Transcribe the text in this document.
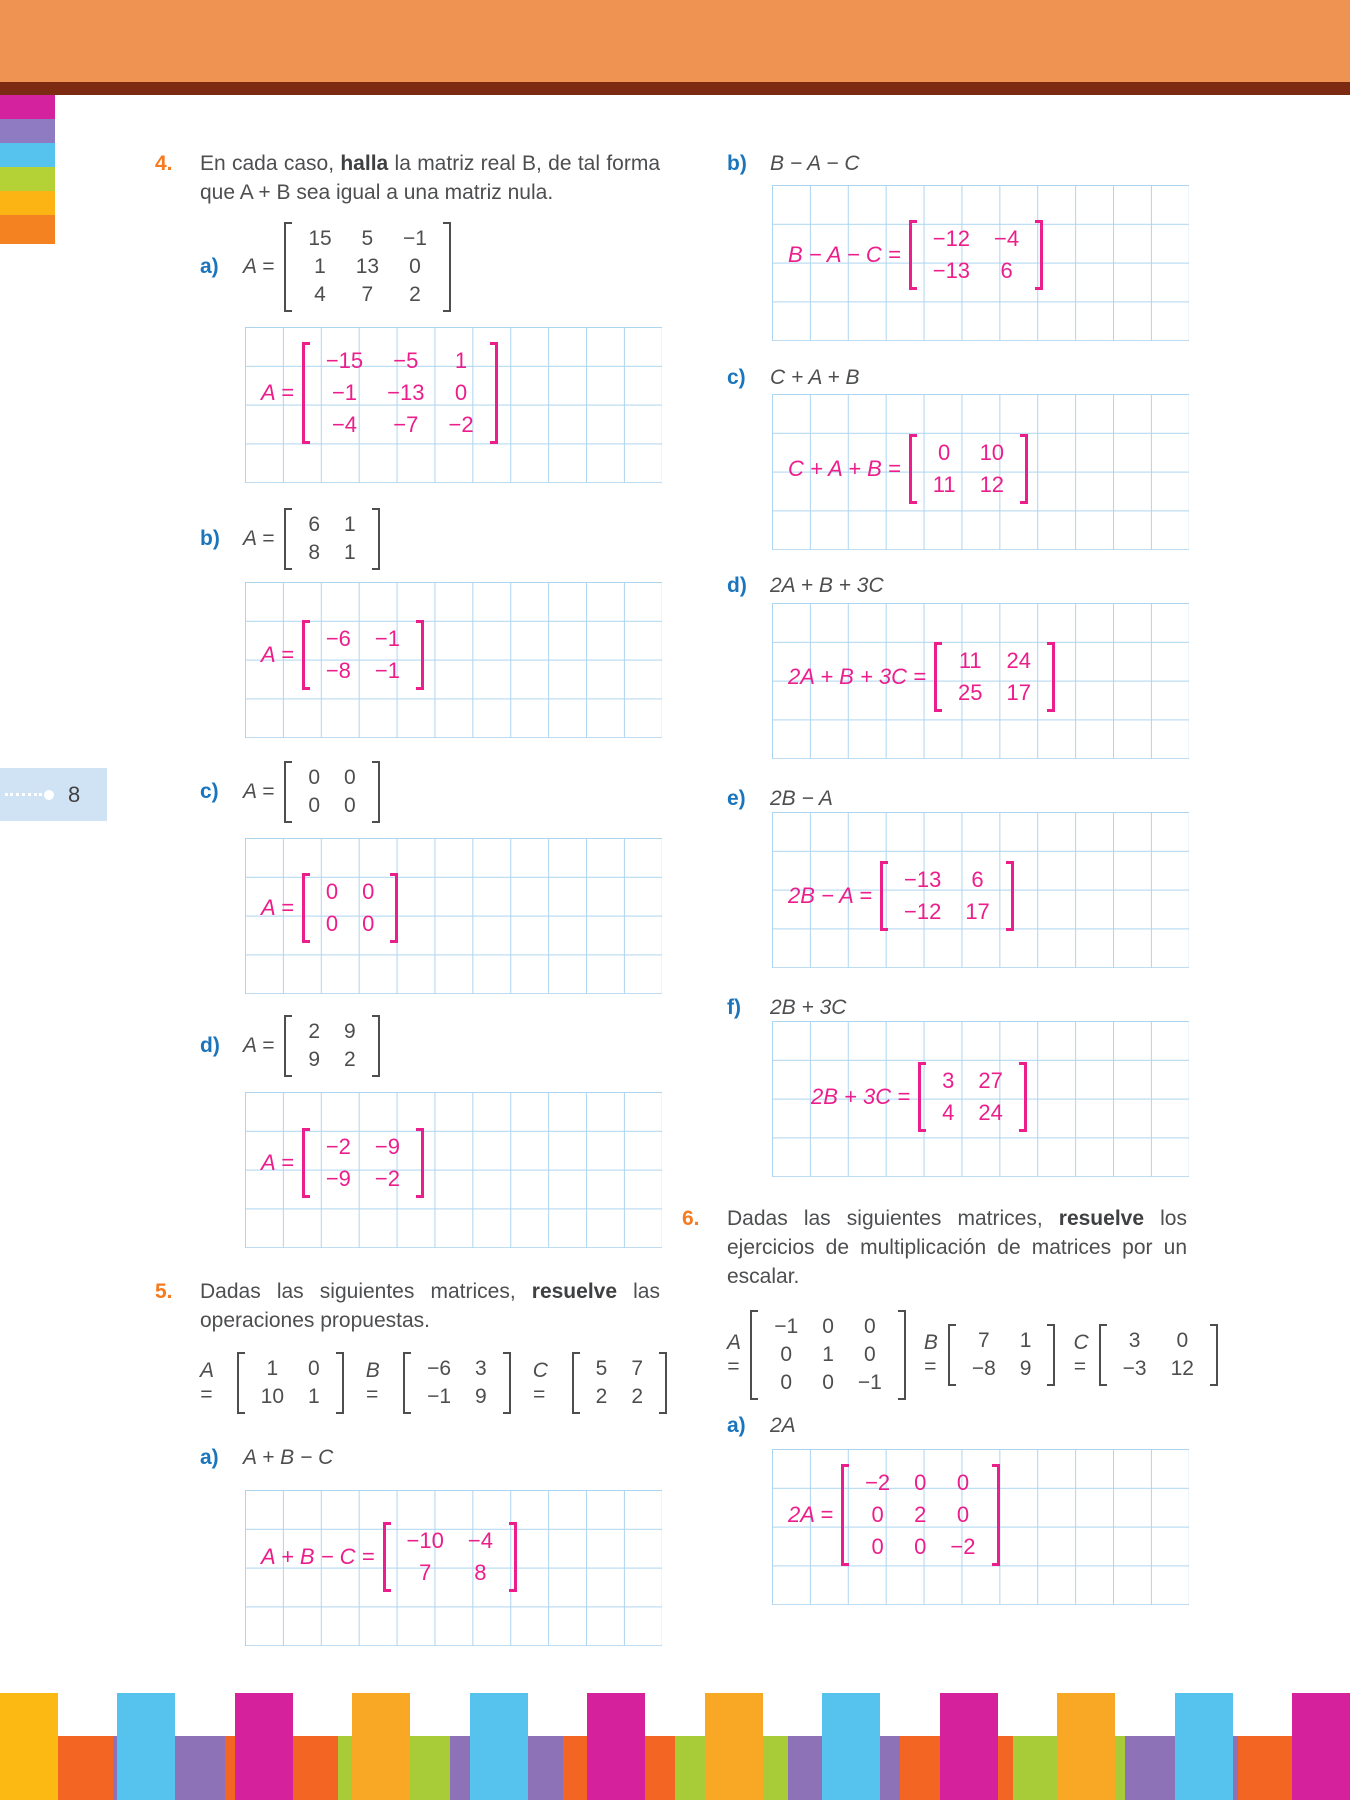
8
4.	En cada caso, halla la matriz real B, de tal forma que A + B sea igual a una matriz nula.
a)	A =
15	5	−1
1	13	0
4	7	2
A =
−15	−5	1
−1	−13	0
−4	−7	−2
b)	A =
6	1
8	1
A =
−6	−1
−8	−1
c)	A =
0	0
0	0
A =
0	0
0	0
d)	A =
2	9
9	2
A =
−2	−9
−9	−2
5.	Dadas las siguientes matrices, resuelve las operaciones propuestas.
A =
1	0
10	1
B =
−6	3
−1	9
C =
5	7
2	2
a)	A + B − C
A + B − C =
−10	−4
7	8
b)	B − A − C
B − A − C =
−12	−4
−13	6
c)	C + A + B
C + A + B =
0	10
11	12
d)	2A + B + 3C
2A + B + 3C =
11	24
25	17
e)	2B − A
2B − A =
−13	6
−12	17
f)	2B + 3C
2B + 3C =
3	27
4	24
6.	Dadas las siguientes matrices, resuelve los ejercicios de multiplicación de matrices por un escalar.
A =
−1	0	0
0	1	0
0	0	−1
B =
7	1
−8	9
C =
3	0
−3	12
a)	2A
2A =
−2	0	0
0	2	0
0	0	−2
